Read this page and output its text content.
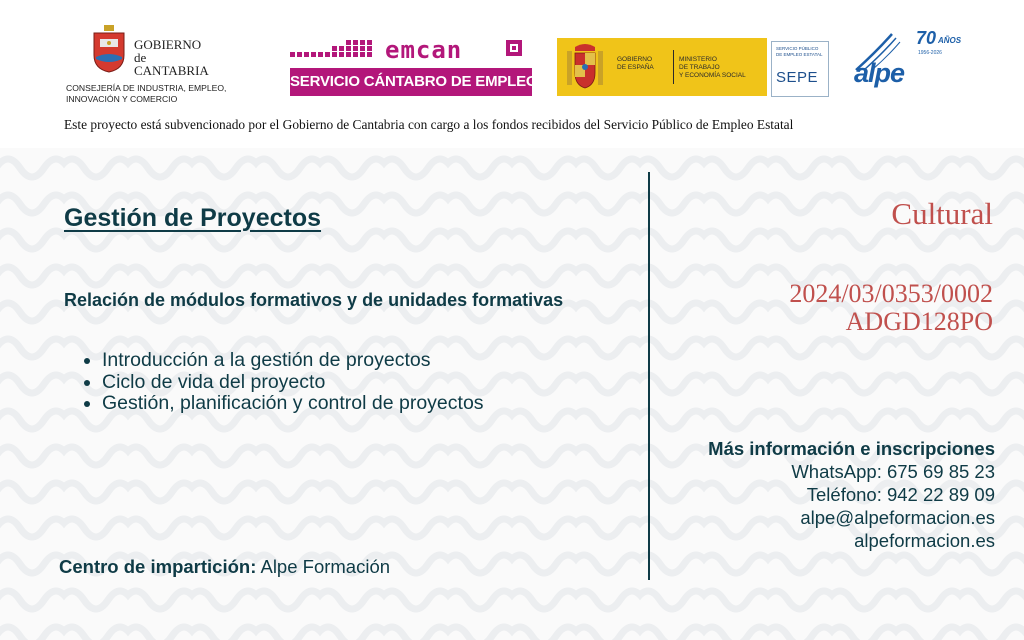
GOBIERNO
de
CANTABRIA
CONSEJERÍA DE INDUSTRIA, EMPLEO,
INNOVACIÓN Y COMERCIO
emcan
SERVICIO CÁNTABRO DE EMPLEO
GOBIERNO
DE ESPAÑA
MINISTERIO
DE TRABAJO
Y ECONOMÍA SOCIAL
SERVICIO PÚBLICO
DE EMPLEO ESTATAL
SEPE
70 AÑOS
1956-2026
alpe
Este proyecto está subvencionado por el Gobierno de Cantabria con cargo a los fondos recibidos del Servicio Público de Empleo Estatal
Gestión de Proyectos
Relación de módulos formativos y de unidades formativas
• Introducción a la gestión de proyectos
• Ciclo de vida del proyecto
• Gestión, planificación y control de proyectos
Centro de impartición: Alpe Formación
Cultural
2024/03/0353/0002
ADGD128PO
Más información e inscripciones
WhatsApp: 675 69 85 23
Teléfono: 942 22 89 09
alpe@alpeformacion.es
alpeformacion.es
